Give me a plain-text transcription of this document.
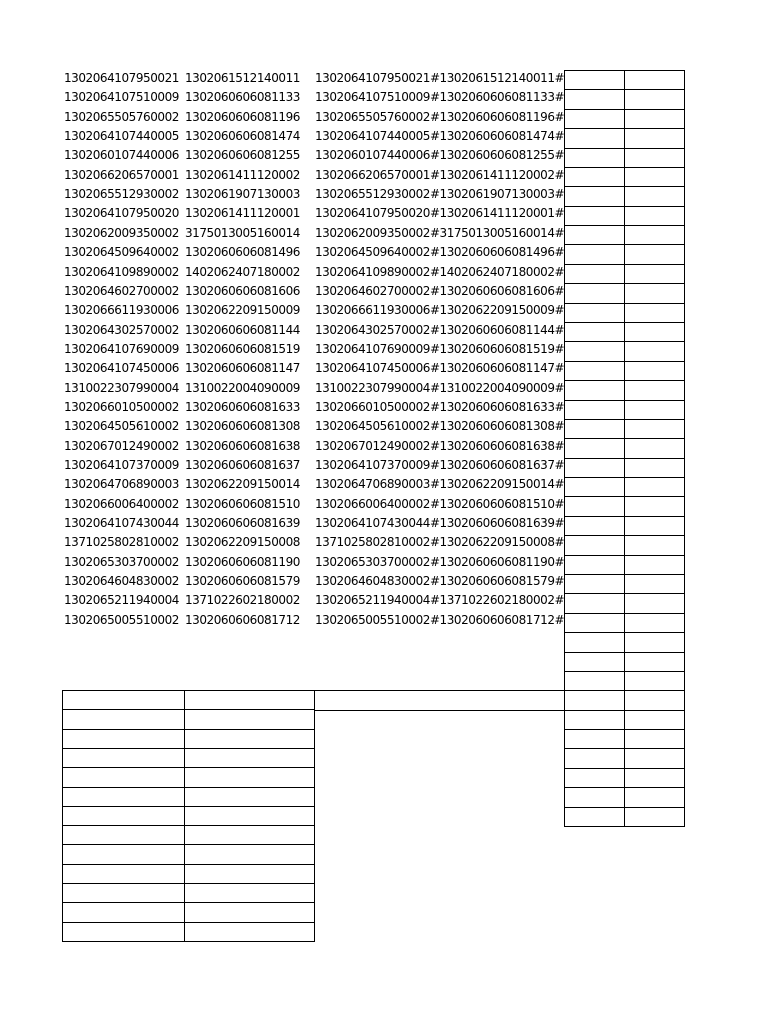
1302064107950021 1302061512140011 1302064107950021#1302061512140011#
1302064107510009 1302060606081133 1302064107510009#1302060606081133#
1302065505760002 1302060606081196 1302065505760002#1302060606081196#
1302064107440005 1302060606081474 1302064107440005#1302060606081474#
1302060107440006 1302060606081255 1302060107440006#1302060606081255#
1302066206570001 1302061411120002 1302066206570001#1302061411120002#
1302065512930002 1302061907130003 1302065512930002#1302061907130003#
1302064107950020 1302061411120001 1302064107950020#1302061411120001#
1302062009350002 3175013005160014 1302062009350002#3175013005160014#
1302064509640002 1302060606081496 1302064509640002#1302060606081496#
1302064109890002 1402062407180002 1302064109890002#1402062407180002#
1302064602700002 1302060606081606 1302064602700002#1302060606081606#
1302066611930006 1302062209150009 1302066611930006#1302062209150009#
1302064302570002 1302060606081144 1302064302570002#1302060606081144#
1302064107690009 1302060606081519 1302064107690009#1302060606081519#
1302064107450006 1302060606081147 1302064107450006#1302060606081147#
1310022307990004 1310022004090009 1310022307990004#1310022004090009#
1302066010500002 1302060606081633 1302066010500002#1302060606081633#
1302064505610002 1302060606081308 1302064505610002#1302060606081308#
1302067012490002 1302060606081638 1302067012490002#1302060606081638#
1302064107370009 1302060606081637 1302064107370009#1302060606081637#
1302064706890003 1302062209150014 1302064706890003#1302062209150014#
1302066006400002 1302060606081510 1302066006400002#1302060606081510#
1302064107430044 1302060606081639 1302064107430044#1302060606081639#
1371025802810002 1302062209150008 1371025802810002#1302062209150008#
1302065303700002 1302060606081190 1302065303700002#1302060606081190#
1302064604830002 1302060606081579 1302064604830002#1302060606081579#
1302065211940004 1371022602180002 1302065211940004#1371022602180002#
1302065005510002 1302060606081712 1302065005510002#1302060606081712#
